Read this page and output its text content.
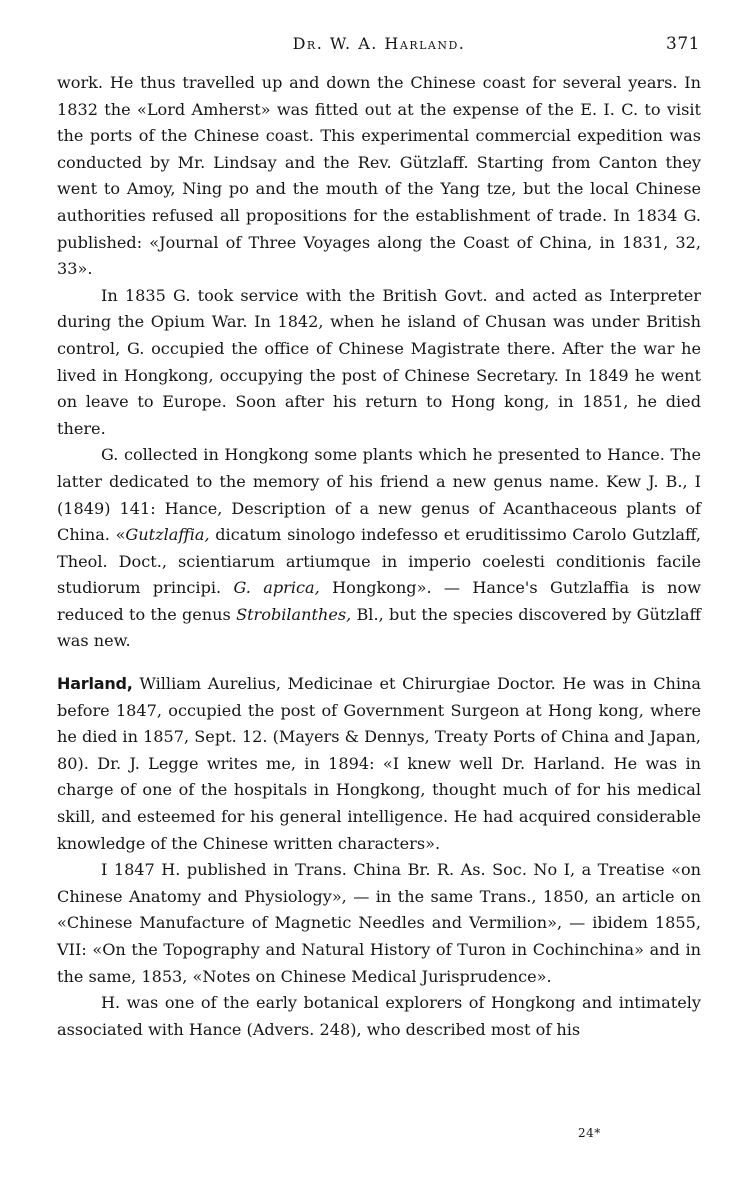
Dr. W. A. Harland.	371

work. He thus travelled up and down the Chinese coast for several years. In 1832 the «Lord Amherst» was fitted out at the expense of the E. I. C. to visit the ports of the Chinese coast. This experimental commercial expedition was conducted by Mr. Lindsay and the Rev. Gützlaff. Starting from Canton they went to Amoy, Ning po and the mouth of the Yang tze, but the local Chinese authorities refused all propositions for the establishment of trade. In 1834 G. published: «Journal of Three Voyages along the Coast of China, in 1831, 32, 33».

In 1835 G. took service with the British Govt. and acted as Interpreter during the Opium War. In 1842, when he island of Chusan was under British control, G. occupied the office of Chinese Magistrate there. After the war he lived in Hongkong, occupying the post of Chinese Secretary. In 1849 he went on leave to Europe. Soon after his return to Hong kong, in 1851, he died there.

G. collected in Hongkong some plants which he presented to Hance. The latter dedicated to the memory of his friend a new genus name. Kew J. B., I (1849) 141: Hance, Description of a new genus of Acanthaceous plants of China. «Gutzlaffia, dicatum sinologo indefesso et eruditissimo Carolo Gutzlaff, Theol. Doct., scientiarum artiumque in imperio coelesti conditionis facile studiorum principi. G. aprica, Hongkong». — Hance's Gutzlaffia is now reduced to the genus Strobilanthes, Bl., but the species discovered by Gützlaff was new.

Harland, William Aurelius, Medicinae et Chirurgiae Doctor. He was in China before 1847, occupied the post of Government Surgeon at Hong kong, where he died in 1857, Sept. 12. (Mayers & Dennys, Treaty Ports of China and Japan, 80). Dr. J. Legge writes me, in 1894: «I knew well Dr. Harland. He was in charge of one of the hospitals in Hongkong, thought much of for his medical skill, and esteemed for his general intelligence. He had acquired considerable knowledge of the Chinese written characters».

I 1847 H. published in Trans. China Br. R. As. Soc. No I, a Treatise «on Chinese Anatomy and Physiology», — in the same Trans., 1850, an article on «Chinese Manufacture of Magnetic Needles and Vermilion», — ibidem 1855, VII: «On the Topography and Natural History of Turon in Cochinchina» and in the same, 1853, «Notes on Chinese Medical Jurisprudence».

H. was one of the early botanical explorers of Hongkong and intimately associated with Hance (Advers. 248), who described most of his

24*
